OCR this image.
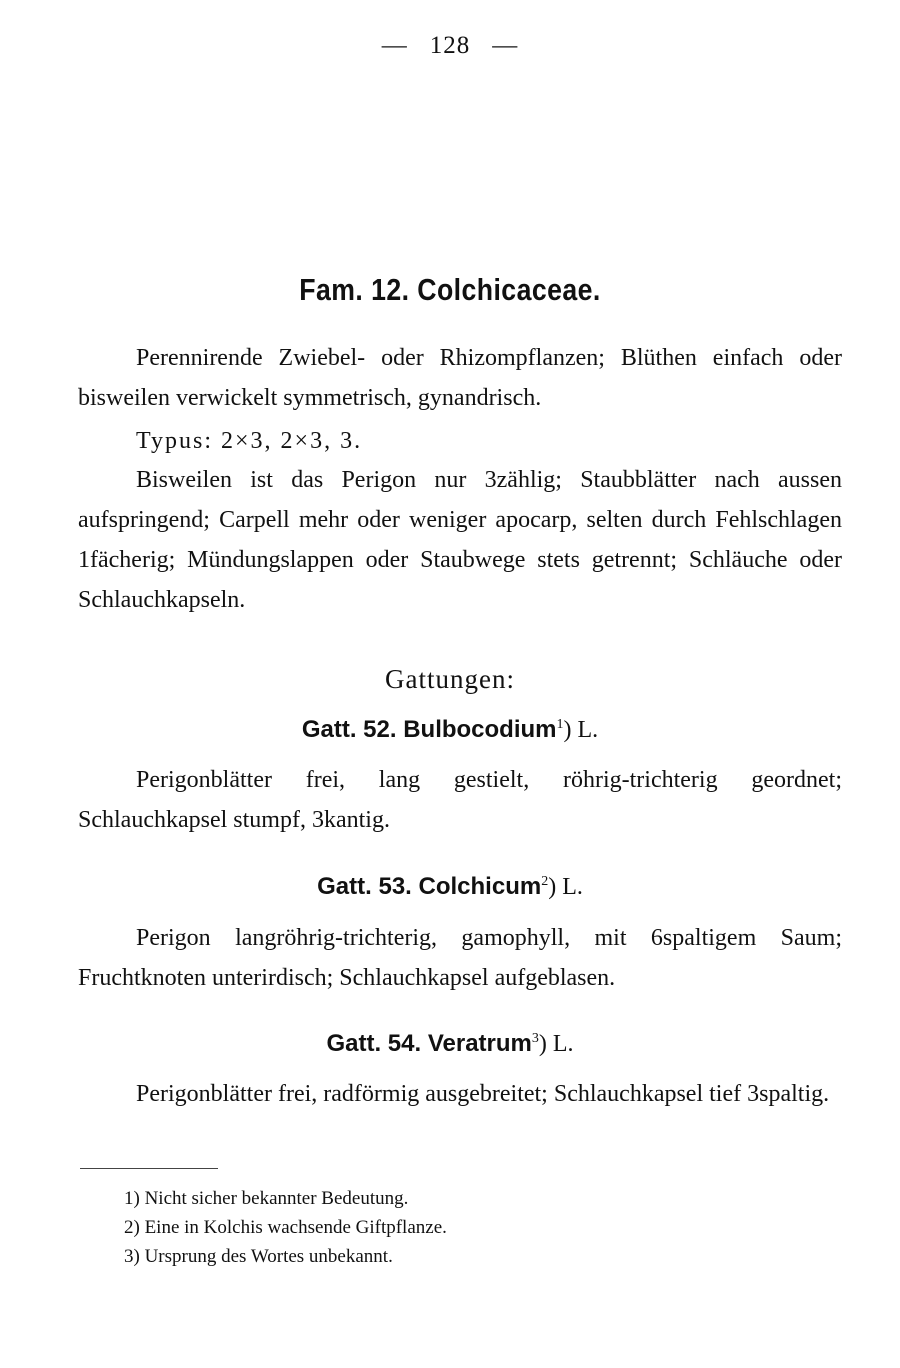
— 128 —
Fam. 12. Colchicaceae.

Perennirende Zwiebel- oder Rhizompflanzen; Blüthen einfach oder bisweilen verwickelt symmetrisch, gynandrisch.

Typus: 2×3, 2×3, 3.

Bisweilen ist das Perigon nur 3zählig; Staubblätter nach aussen aufspringend; Carpell mehr oder weniger apocarp, selten durch Fehlschlagen 1fächerig; Mündungslappen oder Staubwege stets getrennt; Schläuche oder Schlauchkapseln.

Gattungen:
Gatt. 52. Bulbocodium$^1$) L.

Perigonblätter frei, lang gestielt, röhrig-trichterig geordnet; Schlauchkapsel stumpf, 3kantig.

Gatt. 53. Colchicum$^2$) L.

Perigon langröhrig-trichterig, gamophyll, mit 6spaltigem Saum; Fruchtknoten unterirdisch; Schlauchkapsel aufgeblasen.

Gatt. 54. Veratrum$^3$) L.

Perigonblätter frei, radförmig ausgebreitet; Schlauchkapsel tief 3spaltig.

1) Nicht sicher bekannter Bedeutung.
2) Eine in Kolchis wachsende Giftpflanze.
3) Ursprung des Wortes unbekannt.
